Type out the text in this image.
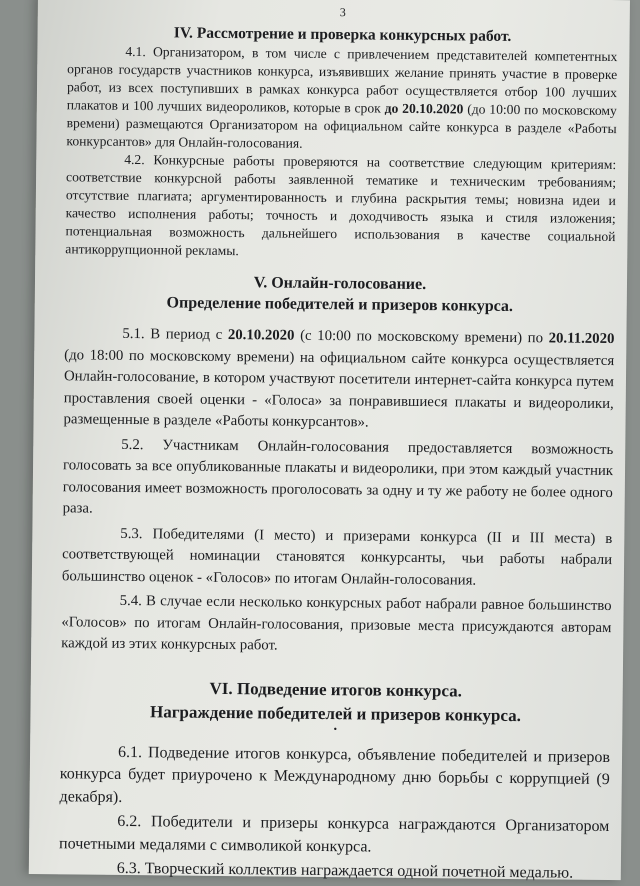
3
IV. Рассмотрение и проверка конкурсных работ.

4.1. Организатором, в том числе с привлечением представителей компетентных органов государств участников конкурса, изъявивших желание принять участие в проверке работ, из всех поступивших в рамках конкурса работ осуществляется отбор 100 лучших плакатов и 100 лучших видеороликов, которые в срок до 20.10.2020 (до 10:00 по московскому времени) размещаются Организатором на официальном сайте конкурса в разделе «Работы конкурсантов» для Онлайн-голосования.

4.2. Конкурсные работы проверяются на соответствие следующим критериям: соответствие конкурсной работы заявленной тематике и техническим требованиям; отсутствие плагиата; аргументированность и глубина раскрытия темы; новизна идеи и качество исполнения работы; точность и доходчивость языка и стиля изложения; потенциальная возможность дальнейшего использования в качестве социальной антикоррупционной рекламы.

V. Онлайн-голосование.
Определение победителей и призеров конкурса.

5.1. В период с 20.10.2020 (с 10:00 по московскому времени) по 20.11.2020 (до 18:00 по московскому времени) на официальном сайте конкурса осуществляется Онлайн-голосование, в котором участвуют посетители интернет-сайта конкурса путем проставления своей оценки - «Голоса» за понравившиеся плакаты и видеоролики, размещенные в разделе «Работы конкурсантов».

5.2. Участникам Онлайн-голосования предоставляется возможность голосовать за все опубликованные плакаты и видеоролики, при этом каждый участник голосования имеет возможность проголосовать за одну и ту же работу не более одного раза.

5.3. Победителями (I место) и призерами конкурса (II и III места) в соответствующей номинации становятся конкурсанты, чьи работы набрали большинство оценок - «Голосов» по итогам Онлайн-голосования.

5.4. В случае если несколько конкурсных работ набрали равное большинство «Голосов» по итогам Онлайн-голосования, призовые места присуждаются авторам каждой из этих конкурсных работ.

VI. Подведение итогов конкурса.
Награждение победителей и призеров конкурса.
•

6.1. Подведение итогов конкурса, объявление победителей и призеров конкурса будет приурочено к Международному дню борьбы с коррупцией (9 декабря).

6.2. Победители и призеры конкурса награждаются Организатором почетными медалями с символикой конкурса.

6.3. Творческий коллектив награждается одной почетной медалью.
